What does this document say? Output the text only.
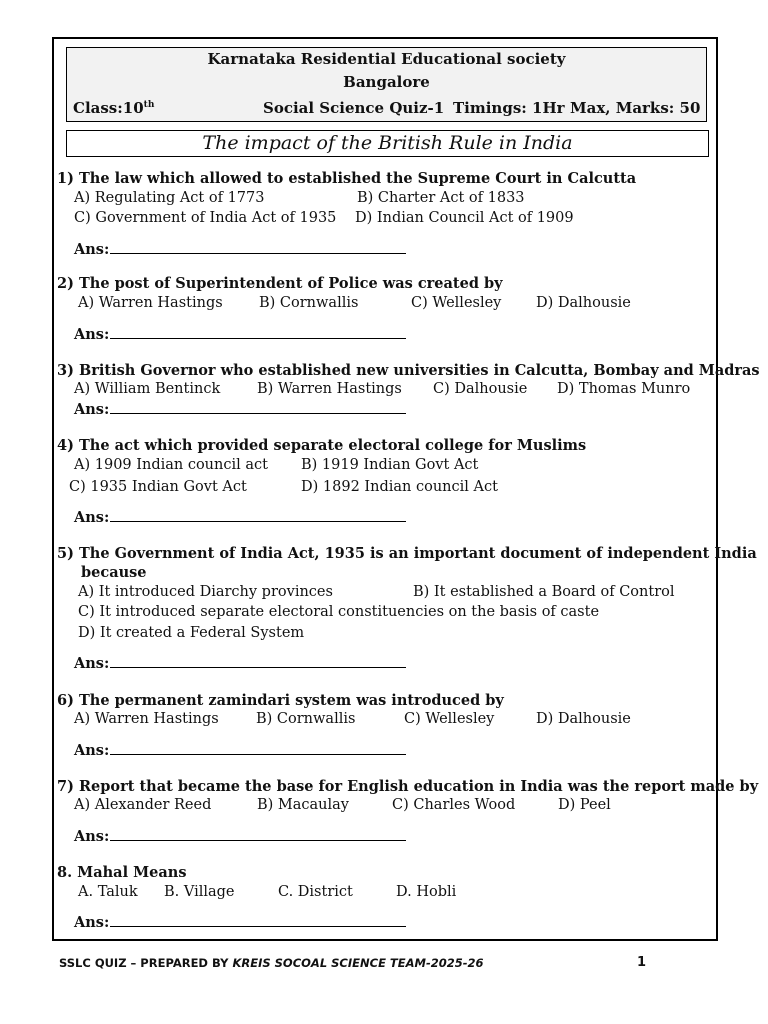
Karnataka Residential Educational society
Bangalore
Class:10th	Social Science Quiz-1 Timings: 1Hr Max, Marks: 50
The impact of the British Rule in India
1) The law which allowed to established the Supreme Court in Calcutta
A) Regulating Act of 1773	B) Charter Act of 1833
C) Government of India Act of 1935 D) Indian Council Act of 1909
Ans:
2) The post of Superintendent of Police was created by
A) Warren Hastings	B) Cornwallis	C) Wellesley D) Dalhousie
Ans:
3) British Governor who established new universities in Calcutta, Bombay and Madras
A) William Bentinck	B) Warren Hastings C) Dalhousie D) Thomas Munro
Ans:
4) The act which provided separate electoral college for Muslims
A) 1909 Indian council act B) 1919 Indian Govt Act
C) 1935 Indian Govt Act	D) 1892 Indian council Act
Ans:
5) The Government of India Act, 1935 is an important document of independent India
because
A) It introduced Diarchy provinces	B) It established a Board of Control
C) It introduced separate electoral constituencies on the basis of caste
D) It created a Federal System
Ans:
6) The permanent zamindari system was introduced by
A) Warren Hastings	B) Cornwallis	C) Wellesley	D) Dalhousie
Ans:
7) Report that became the base for English education in India was the report made by
A) Alexander Reed	B) Macaulay	C) Charles Wood	D) Peel
Ans:
8. Mahal Means
A. Taluk B. Village	C. District	D. Hobli
Ans:
SSLC QUIZ – PREPARED BY KREIS SOCOAL SCIENCE TEAM-2025-26	1
